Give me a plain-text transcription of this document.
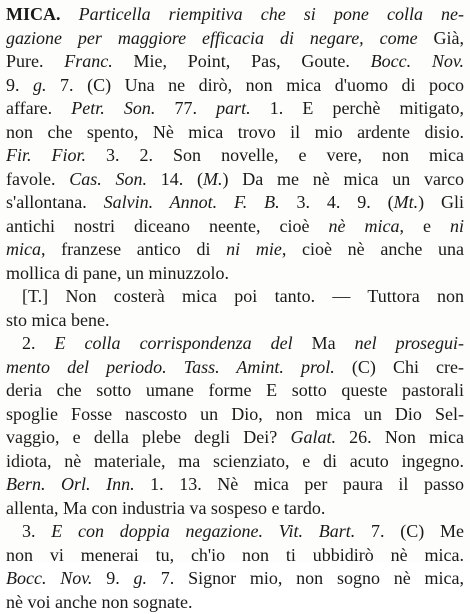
MICA. Particella riempitiva che si pone colla ne-
gazione per maggiore efficacia di negare, come Già,
Pure. Franc. Mie, Point, Pas, Goute. Bocc. Nov.
9. g. 7. (C) Una ne dirò, non mica d'uomo di poco
affare. Petr. Son. 77. part. 1. E perchè mitigato,
non che spento, Nè mica trovo il mio ardente disio.
Fir. Fior. 3. 2. Son novelle, e vere, non mica
favole. Cas. Son. 14. (M.) Da me nè mica un varco
s'allontana. Salvin. Annot. F. B. 3. 4. 9. (Mt.) Gli
antichi nostri diceano neente, cioè nè mica, e ni
mica, franzese antico di ni mie, cioè nè anche una
mollica di pane, un minuzzolo.
[T.] Non costerà mica poi tanto. — Tuttora non
sto mica bene.
2. E colla corrispondenza del Ma nel prosegui-
mento del periodo. Tass. Amint. prol. (C) Chi cre-
deria che sotto umane forme E sotto queste pastorali
spoglie Fosse nascosto un Dio, non mica un Dio Sel-
vaggio, e della plebe degli Dei? Galat. 26. Non mica
idiota, nè materiale, ma scienziato, e di acuto ingegno.
Bern. Orl. Inn. 1. 13. Nè mica per paura il passo
allenta, Ma con industria va sospeso e tardo.
3. E con doppia negazione. Vit. Bart. 7. (C) Me
non vi menerai tu, ch'io non ti ubbidirò nè mica.
Bocc. Nov. 9. g. 7. Signor mio, non sogno nè mica,
nè voi anche non sognate.
